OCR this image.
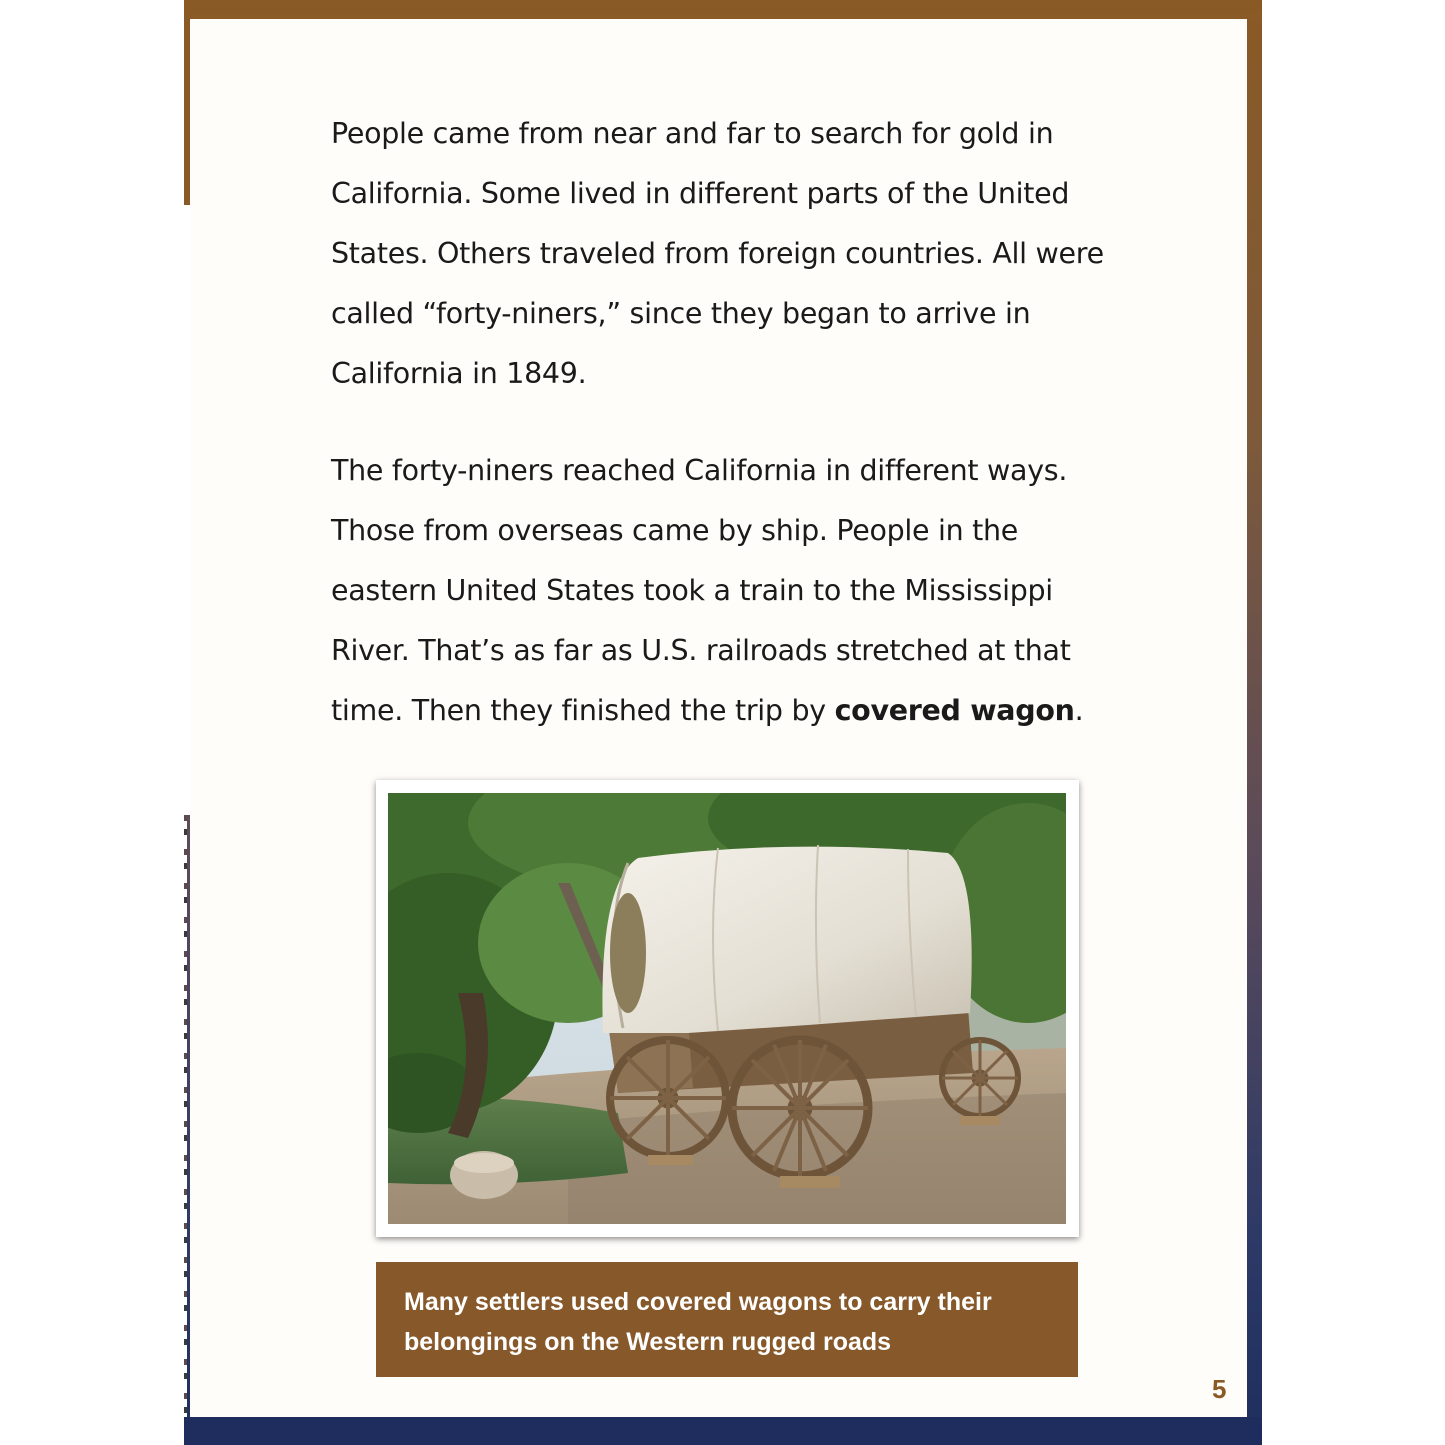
People came from near and far to search for gold in California. Some lived in different parts of the United States. Others traveled from foreign countries. All were called “forty-niners,” since they began to arrive in California in 1849.

The forty-niners reached California in different ways. Those from overseas came by ship. People in the eastern United States took a train to the Mississippi River. That’s as far as U.S. railroads stretched at that time. Then they finished the trip by covered wagon.

Many settlers used covered wagons to carry their belongings on the Western rugged roads

5
